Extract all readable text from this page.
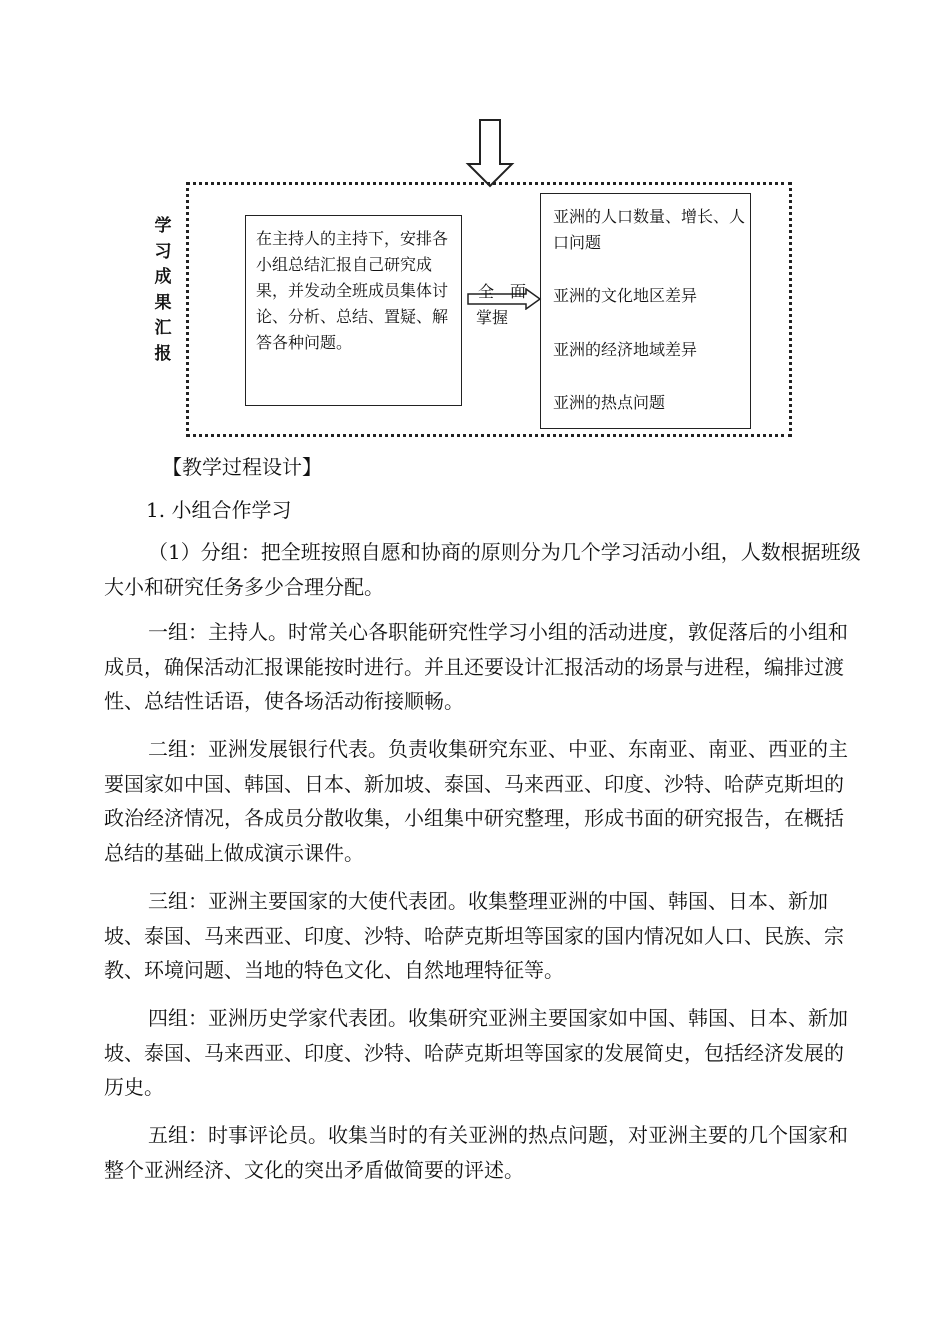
学
习
成
果
汇
报
在主持人的主持下，安排各小组总结汇报自己研究成果，并发动全班成员集体讨论、分析、总结、置疑、解答各种问题。
全　面
掌握
亚洲的人口数量、增长、人口问题
亚洲的文化地区差异
亚洲的经济地域差异
亚洲的热点问题
【教学过程设计】
1. 小组合作学习

（1）分组：把全班按照自愿和协商的原则分为几个学习活动小组，人数根据班级大小和研究任务多少合理分配。

一组：主持人。时常关心各职能研究性学习小组的活动进度，敦促落后的小组和成员，确保活动汇报课能按时进行。并且还要设计汇报活动的场景与进程，编排过渡性、总结性话语，使各场活动衔接顺畅。

二组：亚洲发展银行代表。负责收集研究东亚、中亚、东南亚、南亚、西亚的主要国家如中国、韩国、日本、新加坡、泰国、马来西亚、印度、沙特、哈萨克斯坦的政治经济情况，各成员分散收集，小组集中研究整理，形成书面的研究报告，在概括总结的基础上做成演示课件。

三组：亚洲主要国家的大使代表团。收集整理亚洲的中国、韩国、日本、新加坡、泰国、马来西亚、印度、沙特、哈萨克斯坦等国家的国内情况如人口、民族、宗教、环境问题、当地的特色文化、自然地理特征等。

四组：亚洲历史学家代表团。收集研究亚洲主要国家如中国、韩国、日本、新加坡、泰国、马来西亚、印度、沙特、哈萨克斯坦等国家的发展简史，包括经济发展的历史。

五组：时事评论员。收集当时的有关亚洲的热点问题，对亚洲主要的几个国家和整个亚洲经济、文化的突出矛盾做简要的评述。
